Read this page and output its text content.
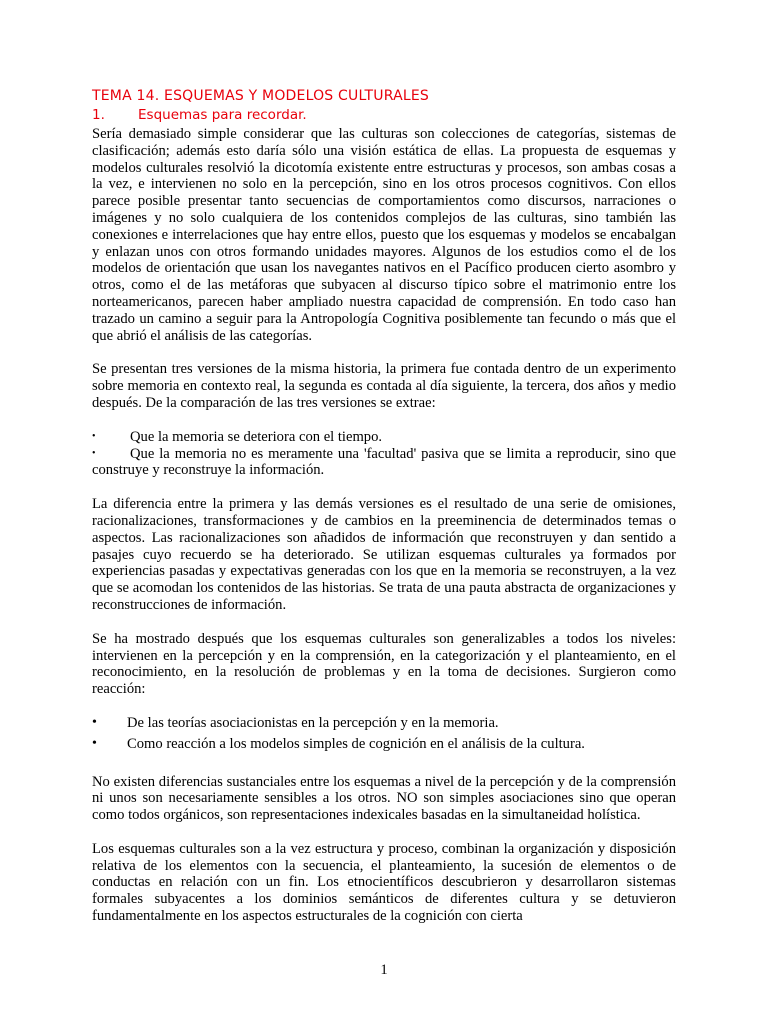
TEMA 14. ESQUEMAS Y MODELOS CULTURALES
1.	Esquemas para recordar.

Sería demasiado simple considerar que las culturas son colecciones de categorías, sistemas de clasificación; además esto daría sólo una visión estática de ellas. La propuesta de esquemas y modelos culturales resolvió la dicotomía existente entre estructuras y procesos, son ambas cosas a la vez, e intervienen no solo en la percepción, sino en los otros procesos cognitivos. Con ellos parece posible presentar tanto secuencias de comportamientos como discursos, narraciones o imágenes y no solo cualquiera de los contenidos complejos de las culturas, sino también las conexiones e interrelaciones que hay entre ellos, puesto que los esquemas y modelos se encabalgan y enlazan unos con otros formando unidades mayores. Algunos de los estudios como el de los modelos de orientación que usan los navegantes nativos en el Pacífico producen cierto asombro y otros, como el de las metáforas que subyacen al discurso típico sobre el matrimonio entre los norteamericanos, parecen haber ampliado nuestra capacidad de comprensión. En todo caso han trazado un camino a seguir para la Antropología Cognitiva posiblemente tan fecundo o más que el que abrió el análisis de las categorías.

Se presentan tres versiones de la misma historia, la primera fue contada dentro de un experimento sobre memoria en contexto real, la segunda es contada al día siguiente, la tercera, dos años y medio después. De la comparación de las tres versiones se extrae:

•	Que la memoria se deteriora con el tiempo.
• Que la memoria no es meramente una 'facultad' pasiva que se limita a reproducir, sino que construye y reconstruye la información.

La diferencia entre la primera y las demás versiones es el resultado de una serie de omisiones, racionalizaciones, transformaciones y de cambios en la preeminencia de determinados temas o aspectos. Las racionalizaciones son añadidos de información que reconstruyen y dan sentido a pasajes cuyo recuerdo se ha deteriorado. Se utilizan esquemas culturales ya formados por experiencias pasadas y expectativas generadas con los que en la memoria se reconstruyen, a la vez que se acomodan los contenidos de las historias. Se trata de una pauta abstracta de organizaciones y reconstrucciones de información.

Se ha mostrado después que los esquemas culturales son generalizables a todos los niveles: intervienen en la percepción y en la comprensión, en la categorización y el planteamiento, en el reconocimiento, en la resolución de problemas y en la toma de decisiones. Surgieron como reacción:

• De las teorías asociacionistas en la percepción y en la memoria.
• Como reacción a los modelos simples de cognición en el análisis de la cultura.

No existen diferencias sustanciales entre los esquemas a nivel de la percepción y de la comprensión ni unos son necesariamente sensibles a los otros. NO son simples asociaciones sino que operan como todos orgánicos, son representaciones indexicales basadas en la simultaneidad holística.

Los esquemas culturales son a la vez estructura y proceso, combinan la organización y disposición relativa de los elementos con la secuencia, el planteamiento, la sucesión de elementos o de conductas en relación con un fin. Los etnocientíficos descubrieron y desarrollaron sistemas formales subyacentes a los dominios semánticos de diferentes cultura y se detuvieron fundamentalmente en los aspectos estructurales de la cognición con cierta

1
